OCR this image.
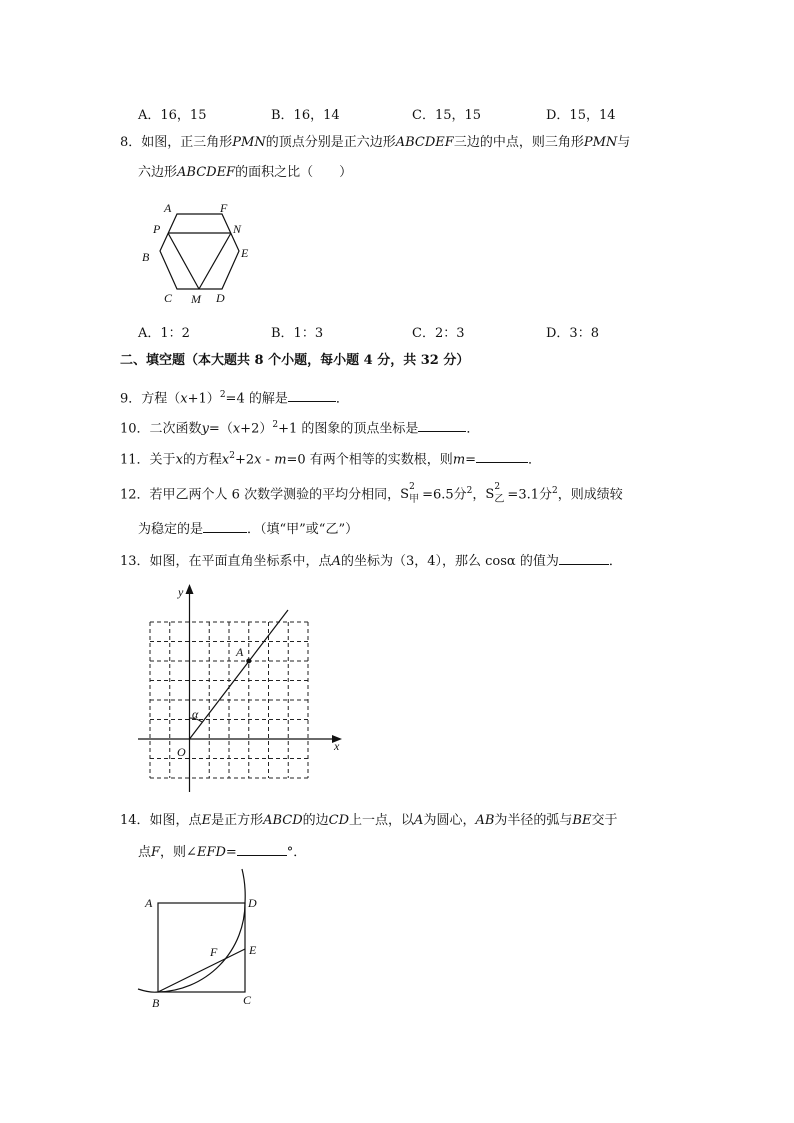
A．16，15	B．16，14	C．15，15	D．15，14
8．如图，正三角形PMN的顶点分别是正六边形ABCDEF三边的中点，则三角形PMN与
六边形ABCDEF的面积之比（　　）
A	F
P	N
B	E
C M D
A．1：2	B．1：3	C．2：3	D．3：8
二、填空题（本大题共 8 个小题，每小题 4 分，共 32 分）
9．方程$(x+1)^2=4$ 的解是	．
10．二次函数$y=(x+2)^2+1$ 的图象的顶点坐标是	．
11．关于x的方程$x^2+2x - m=0$ 有两个相等的实数根，则m=	．
12．若甲乙两个人 6 次数学测验的平均分相同，S 2
甲 =6.5分$^2$，S 2
乙 =3.1分$^2$，则成绩较
为稳定的是	．（填“甲”或“乙”）
13．如图，在平面直角坐标系中，点A的坐标为（3，4），那么 cosα 的值为	．
y
x
O
A
α
14．如图，点E是正方形ABCD的边CD上一点，以A为圆心，AB为半径的弧与BE交于
点F，则∠EFD=	°．
A	D
F	E
B	C
